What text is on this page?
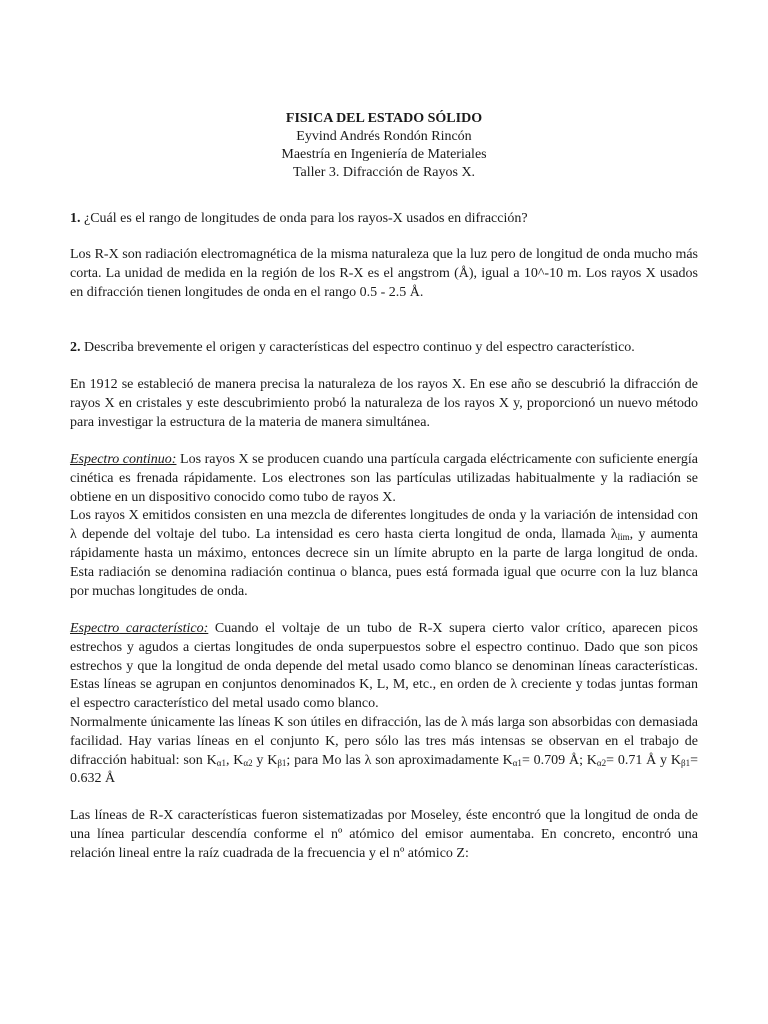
FISICA DEL ESTADO SÓLIDO
Eyvind Andrés Rondón Rincón
Maestría en Ingeniería de Materiales
Taller 3. Difracción de Rayos X.

1. ¿Cuál es el rango de longitudes de onda para los rayos-X usados en difracción?

Los R-X son radiación electromagnética de la misma naturaleza que la luz pero de longitud de onda mucho más corta. La unidad de medida en la región de los R-X es el angstrom (Å), igual a 10^-10 m. Los rayos X usados en difracción tienen longitudes de onda en el rango 0.5 - 2.5 Å.

2. Describa brevemente el origen y características del espectro continuo y del espectro característico.

En 1912 se estableció de manera precisa la naturaleza de los rayos X. En ese año se descubrió la difracción de rayos X en cristales y este descubrimiento probó la naturaleza de los rayos X y, proporcionó un nuevo método para investigar la estructura de la materia de manera simultánea.

Espectro continuo: Los rayos X se producen cuando una partícula cargada eléctricamente con suficiente energía cinética es frenada rápidamente. Los electrones son las partículas utilizadas habitualmente y la radiación se obtiene en un dispositivo conocido como tubo de rayos X.

Los rayos X emitidos consisten en una mezcla de diferentes longitudes de onda y la variación de intensidad con λ depende del voltaje del tubo. La intensidad es cero hasta cierta longitud de onda, llamada $\lambda_{lim}$, y aumenta rápidamente hasta un máximo, entonces decrece sin un límite abrupto en la parte de larga longitud de onda. Esta radiación se denomina radiación continua o blanca, pues está formada igual que ocurre con la luz blanca por muchas longitudes de onda.

Espectro característico: Cuando el voltaje de un tubo de R-X supera cierto valor crítico, aparecen picos estrechos y agudos a ciertas longitudes de onda superpuestos sobre el espectro continuo. Dado que son picos estrechos y que la longitud de onda depende del metal usado como blanco se denominan líneas características. Estas líneas se agrupan en conjuntos denominados K, L, M, etc., en orden de λ creciente y todas juntas forman el espectro característico del metal usado como blanco.

Normalmente únicamente las líneas K son útiles en difracción, las de λ más larga son absorbidas con demasiada facilidad. Hay varias líneas en el conjunto K, pero sólo las tres más intensas se observan en el trabajo de difracción habitual: son $K_{\alpha 1}$, $K_{\alpha 2}$ y $K_{\beta 1}$; para Mo las λ son aproximadamente $K_{\alpha 1}= 0.709$ Å; $K_{\alpha 2}= 0.71$ Å y $K_{\beta 1}= 0.632$ Å

Las líneas de R-X características fueron sistematizadas por Moseley, éste encontró que la longitud de onda de una línea particular descendía conforme el nº atómico del emisor aumentaba. En concreto, encontró una relación lineal entre la raíz cuadrada de la frecuencia y el nº atómico Z:
